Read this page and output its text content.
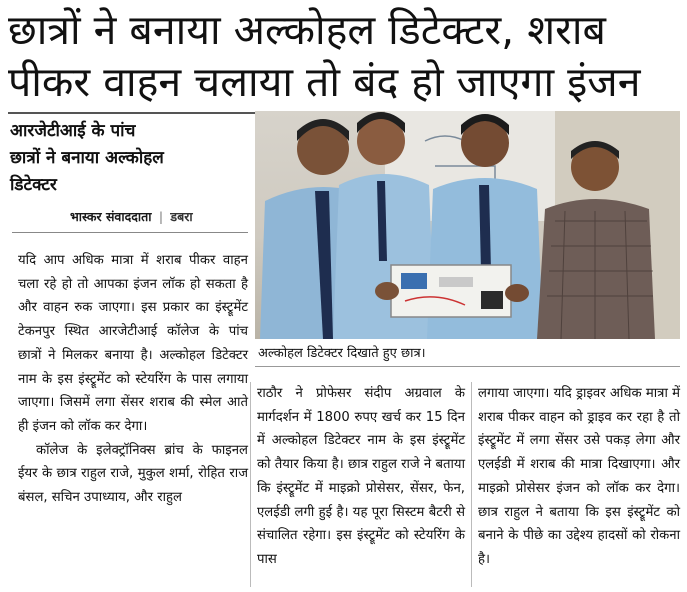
छात्रों ने बनाया अल्कोहल डिटेक्टर, शराब
पीकर वाहन चलाया तो बंद हो जाएगा इंजन
आरजेटीआई के पांच
छात्रों ने बनाया अल्कोहल
डिटेक्टर
भास्कर संवाददाता | डबरा
अल्कोहल डिटेक्टर दिखाते हुए छात्र।

यदि आप अधिक मात्रा में शराब पीकर वाहन चला रहे हो तो आपका इंजन लॉक हो सकता है और वाहन रुक जाएगा। इस प्रकार का इंस्ट्रूमेंट टेकनपुर स्थित आरजेटीआई कॉलेज के पांच छात्रों ने मिलकर बनाया है। अल्कोहल डिटेक्टर नाम के इस इंस्ट्रूमेंट को स्टेयरिंग के पास लगाया जाएगा। जिसमें लगा सेंसर शराब की स्मेल आते ही इंजन को लॉक कर देगा।

कॉलेज के इलेक्ट्रॉनिक्स ब्रांच के फाइनल ईयर के छात्र राहुल राजे, मुकुल शर्मा, रोहित राज बंसल, सचिन उपाध्याय, और राहुल

राठौर ने प्रोफेसर संदीप अग्रवाल के मार्गदर्शन में 1800 रुपए खर्च कर 15 दिन में अल्कोहल डिटेक्टर नाम के इस इंस्ट्रूमेंट को तैयार किया है। छात्र राहुल राजे ने बताया कि इंस्ट्रूमेंट में माइक्रो प्रोसेसर, सेंसर, फेन, एलईडी लगी हुई है। यह पूरा सिस्टम बैटरी से संचालित रहेगा। इस इंस्ट्रूमेंट को स्टेयरिंग के पास

लगाया जाएगा। यदि ड्राइवर अधिक मात्रा में शराब पीकर वाहन को ड्राइव कर रहा है तो इंस्ट्रूमेंट में लगा सेंसर उसे पकड़ लेगा और एलईडी में शराब की मात्रा दिखाएगा। और माइक्रो प्रोसेसर इंजन को लॉक कर देगा। छात्र राहुल ने बताया कि इस इंस्ट्रूमेंट को बनाने के पीछे का उद्देश्य हादसों को रोकना है।
